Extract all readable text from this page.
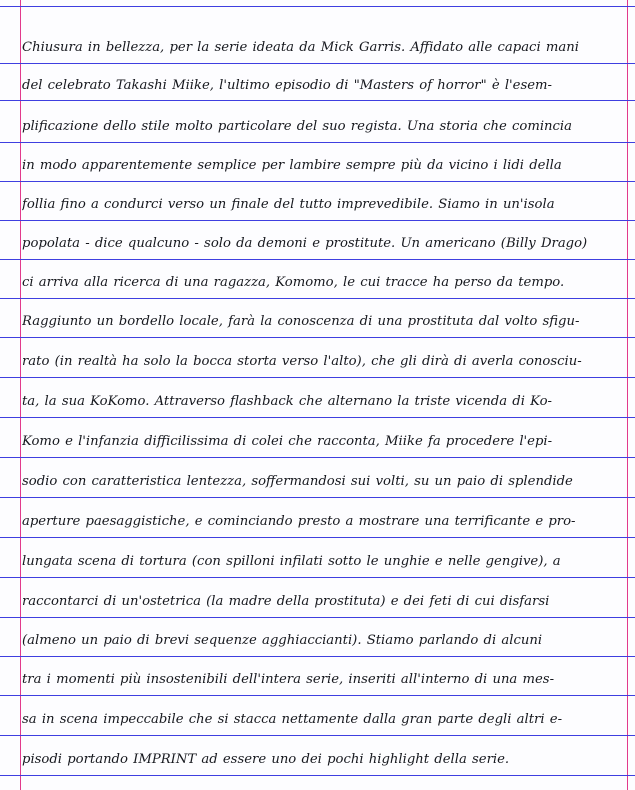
Chiusura in bellezza, per la serie ideata da Mick Garris. Affidato alle capaci mani
del celebrato Takashi Miike, l'ultimo episodio di "Masters of horror" è l'esem-
plificazione dello stile molto particolare del suo regista. Una storia che comincia
in modo apparentemente semplice per lambire sempre più da vicino i lidi della
follia fino a condurci verso un finale del tutto imprevedibile. Siamo in un'isola
popolata - dice qualcuno - solo da demoni e prostitute. Un americano (Billy Drago)
ci arriva alla ricerca di una ragazza, Komomo, le cui tracce ha perso da tempo.
Raggiunto un bordello locale, farà la conoscenza di una prostituta dal volto sfigu-
rato (in realtà ha solo la bocca storta verso l'alto), che gli dirà di averla conosciu-
ta, la sua KoKomo. Attraverso flashback che alternano la triste vicenda di Ko-
Komo e l'infanzia difficilissima di colei che racconta, Miike fa procedere l'epi-
sodio con caratteristica lentezza, soffermandosi sui volti, su un paio di splendide
aperture paesaggistiche, e cominciando presto a mostrare una terrificante e pro-
lungata scena di tortura (con spilloni infilati sotto le unghie e nelle gengive), a
raccontarci di un'ostetrica (la madre della prostituta) e dei feti di cui disfarsi
(almeno un paio di brevi sequenze agghiaccianti). Stiamo parlando di alcuni
tra i momenti più insostenibili dell'intera serie, inseriti all'interno di una mes-
sa in scena impeccabile che si stacca nettamente dalla gran parte degli altri e-
pisodi portando IMPRINT ad essere uno dei pochi highlight della serie.
